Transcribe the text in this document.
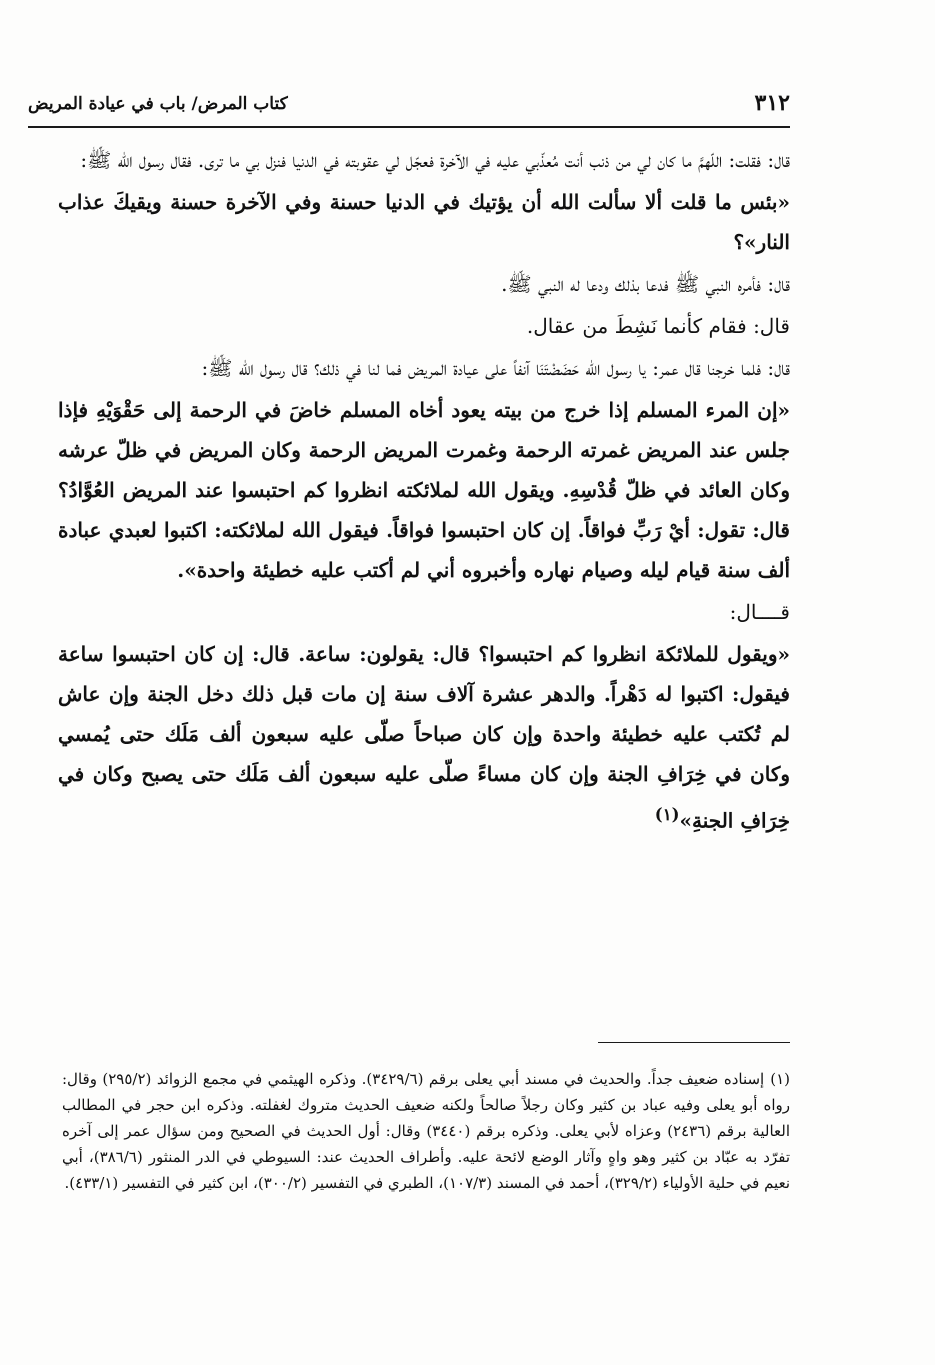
٣١٢
كتاب المرض/ باب في عيادة المريض

قال: فقلت: اللّهمَّ ما كان لي من ذنب أنت مُعذّبي عليه في الآخرة فعجّل لي عقوبته في الدنيا فنزل بي ما ترى. فقال رسول الله ﷺ:

«بئس ما قلت ألا سألت الله أن يؤتيك في الدنيا حسنة وفي الآخرة حسنة ويقيكَ عذاب النار»؟

قال: فأمره النبي ﷺ فدعا بذلك ودعا له النبي ﷺ.

قال: فقام كأنما نَشِطَ من عقال.

قال: فلما خرجنا قال عمر: يا رسول الله حَضَضْتَنَا آنفاً على عيادة المريض فما لنا في ذلك؟ قال رسول الله ﷺ:

«إن المرء المسلم إذا خرج من بيته يعود أخاه المسلم خاضَ في الرحمة إلى حَقْوَيْهِ فإذا جلس عند المريض غمرته الرحمة وغمرت المريض الرحمة وكان المريض في ظلّ عرشه وكان العائد في ظلّ قُدْسِهِ. ويقول الله لملائكته انظروا كم احتبسوا عند المريض العُوَّادُ؟ قال: تقول: أيْ رَبِّ فواقاً. إن كان احتبسوا فواقاً. فيقول الله لملائكته: اكتبوا لعبدي عبادة ألف سنة قيام ليله وصيام نهاره وأخبروه أني لم أكتب عليه خطيئة واحدة».

قــــال:

«ويقول للملائكة انظروا كم احتبسوا؟ قال: يقولون: ساعة. قال: إن كان احتبسوا ساعة فيقول: اكتبوا له دَهْراً. والدهر عشرة آلاف سنة إن مات قبل ذلك دخل الجنة وإن عاش لم تُكتب عليه خطيئة واحدة وإن كان صباحاً صلّى عليه سبعون ألف مَلَك حتى يُمسي وكان في خِرَافِ الجنة وإن كان مساءً صلّى عليه سبعون ألف مَلَك حتى يصبح وكان في خِرَافِ الجنةِ»$^{(١)}$

(١)إسناده ضعيف جداً. والحديث في مسند أبي يعلى برقم (٣٤٢٩/٦). وذكره الهيثمي في مجمع الزوائد (٢٩٥/٢) وقال: رواه أبو يعلى وفيه عباد بن كثير وكان رجلاً صالحاً ولكنه ضعيف الحديث متروك لغفلته. وذكره ابن حجر في المطالب العالية برقم (٢٤٣٦) وعزاه لأبي يعلى. وذكره برقم (٣٤٤٠) وقال: أول الحديث في الصحيح ومن سؤال عمر إلى آخره تفرّد به عبّاد بن كثير وهو واهٍ وآثار الوضع لائحة عليه. وأطراف الحديث عند: السيوطي في الدر المنثور (٣٨٦/٦)، أبي نعيم في حلية الأولياء (٣٢٩/٢)، أحمد في المسند (١٠٧/٣)، الطبري في التفسير (٣٠٠/٢)، ابن كثير في التفسير (٤٣٣/١).
